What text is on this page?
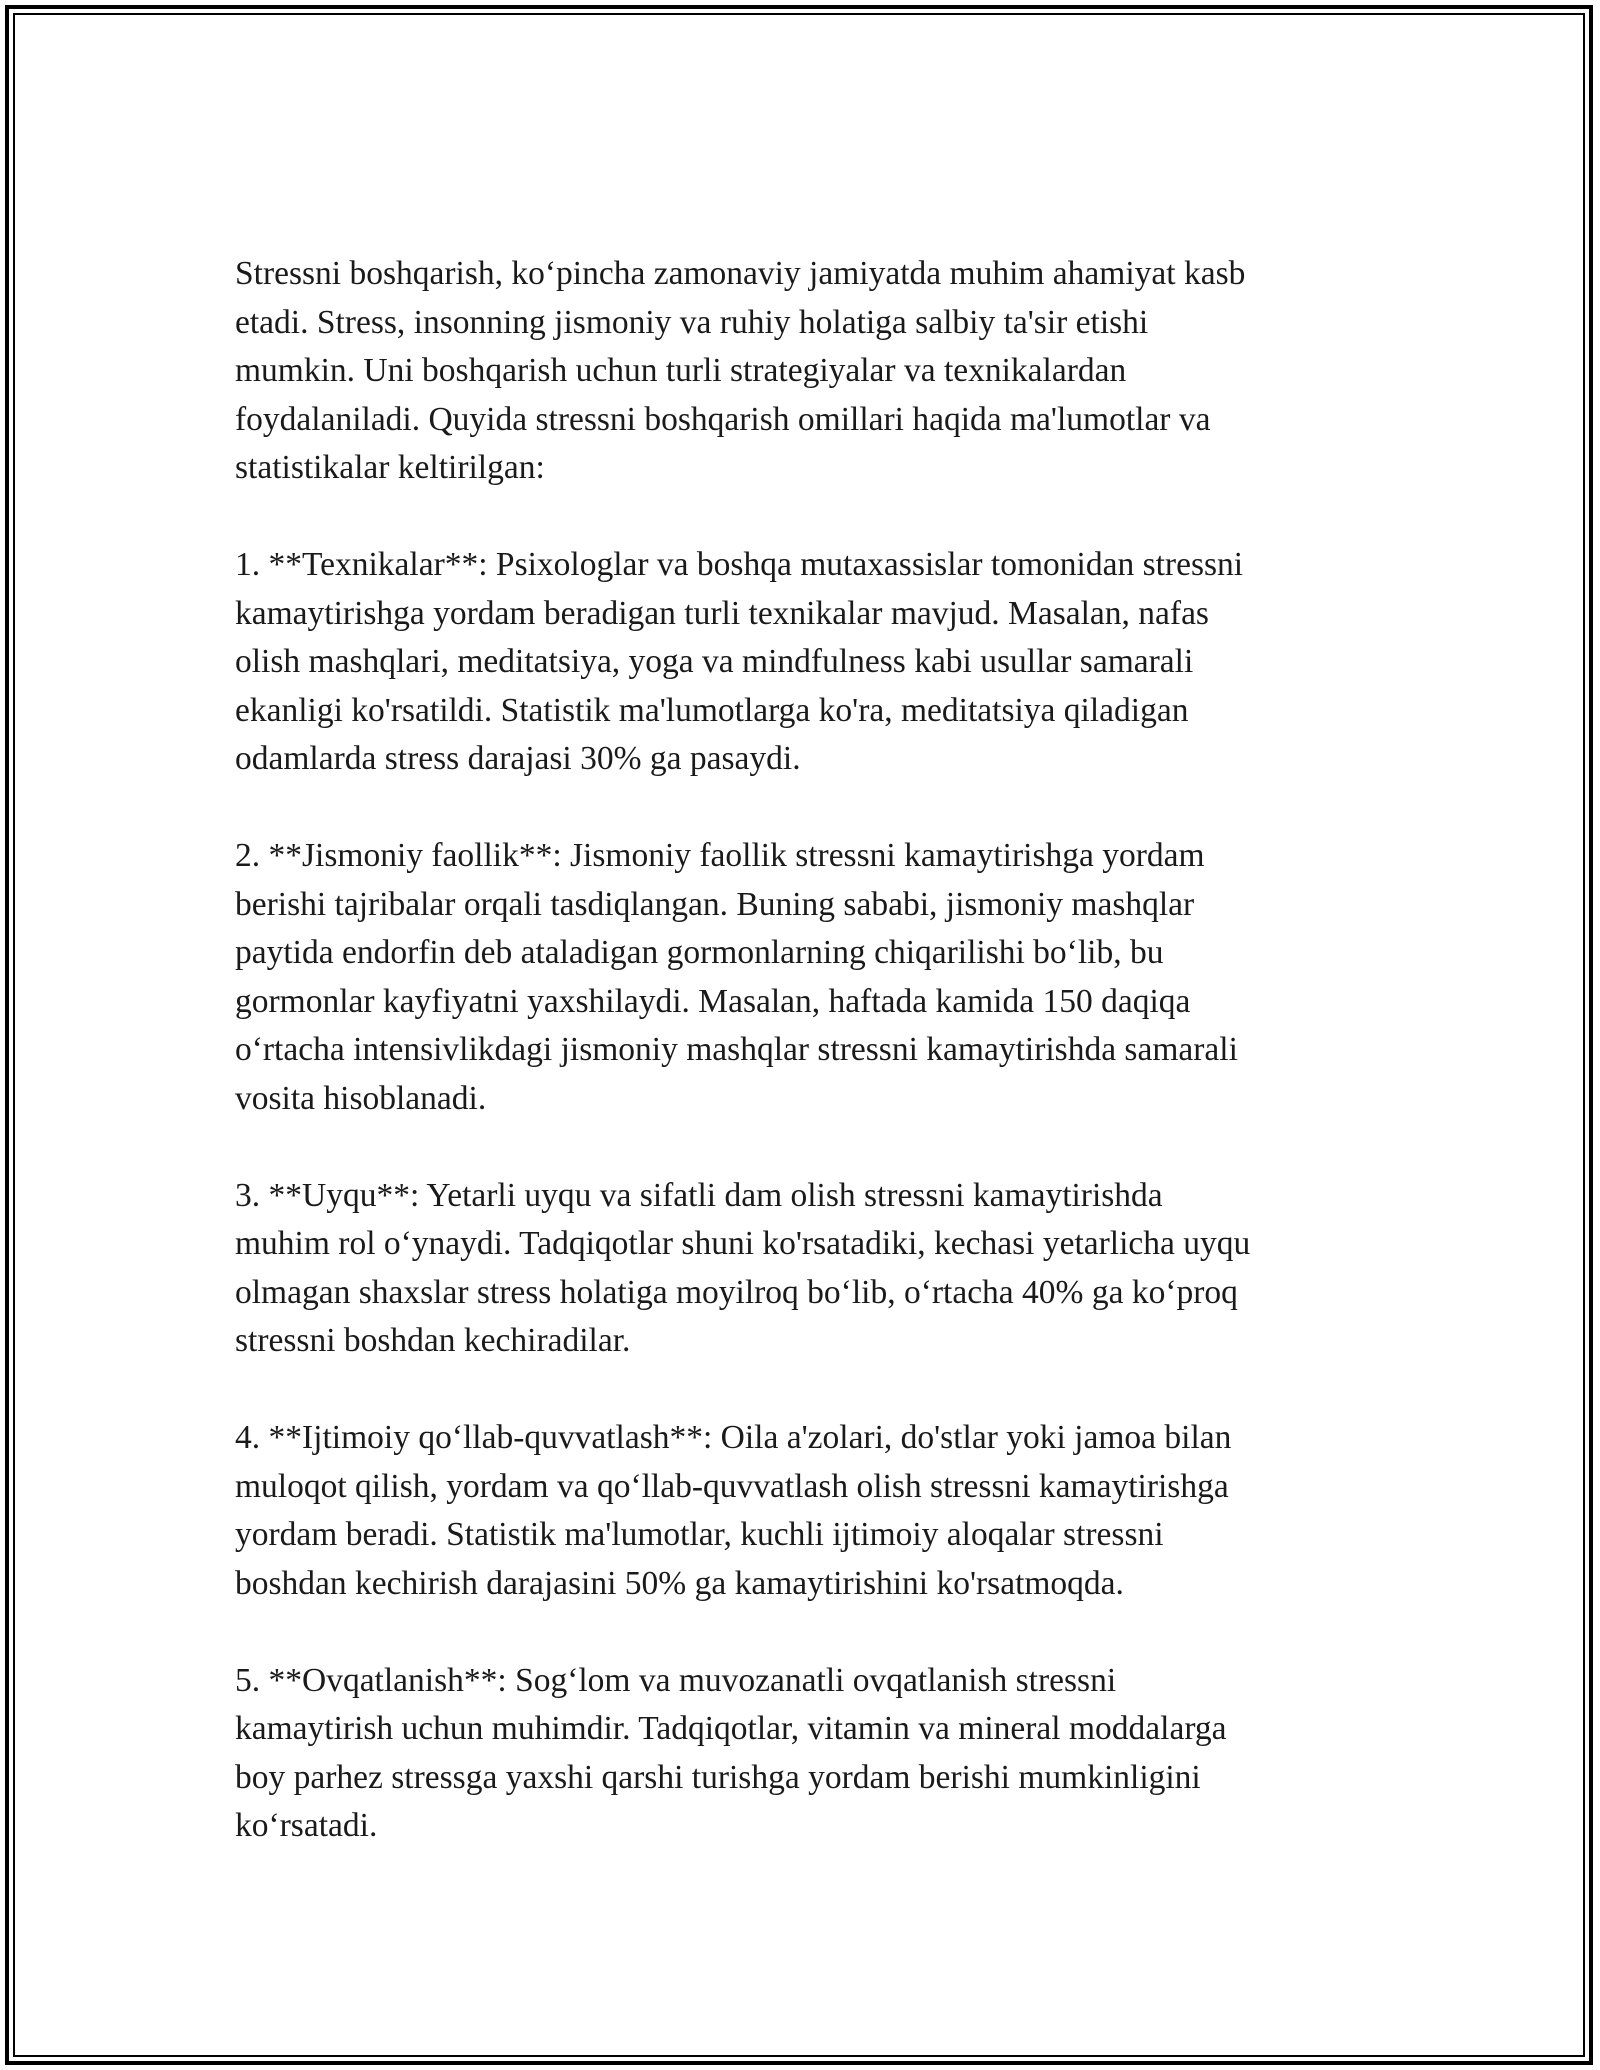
Stressni boshqarish, ko‘pincha zamonaviy jamiyatda muhim ahamiyat kasb
etadi. Stress, insonning jismoniy va ruhiy holatiga salbiy ta'sir etishi
mumkin. Uni boshqarish uchun turli strategiyalar va texnikalardan
foydalaniladi. Quyida stressni boshqarish omillari haqida ma'lumotlar va
statistikalar keltirilgan:

1. **Texnikalar**: Psixologlar va boshqa mutaxassislar tomonidan stressni
kamaytirishga yordam beradigan turli texnikalar mavjud. Masalan, nafas
olish mashqlari, meditatsiya, yoga va mindfulness kabi usullar samarali
ekanligi ko'rsatildi. Statistik ma'lumotlarga ko'ra, meditatsiya qiladigan
odamlarda stress darajasi 30% ga pasaydi.

2. **Jismoniy faollik**: Jismoniy faollik stressni kamaytirishga yordam
berishi tajribalar orqali tasdiqlangan. Buning sababi, jismoniy mashqlar
paytida endorfin deb ataladigan gormonlarning chiqarilishi bo‘lib, bu
gormonlar kayfiyatni yaxshilaydi. Masalan, haftada kamida 150 daqiqa
o‘rtacha intensivlikdagi jismoniy mashqlar stressni kamaytirishda samarali
vosita hisoblanadi.

3. **Uyqu**: Yetarli uyqu va sifatli dam olish stressni kamaytirishda
muhim rol o‘ynaydi. Tadqiqotlar shuni ko'rsatadiki, kechasi yetarlicha uyqu
olmagan shaxslar stress holatiga moyilroq bo‘lib, o‘rtacha 40% ga ko‘proq
stressni boshdan kechiradilar.

4. **Ijtimoiy qo‘llab-quvvatlash**: Oila a'zolari, do'stlar yoki jamoa bilan
muloqot qilish, yordam va qo‘llab-quvvatlash olish stressni kamaytirishga
yordam beradi. Statistik ma'lumotlar, kuchli ijtimoiy aloqalar stressni
boshdan kechirish darajasini 50% ga kamaytirishini ko'rsatmoqda.

5. **Ovqatlanish**: Sog‘lom va muvozanatli ovqatlanish stressni
kamaytirish uchun muhimdir. Tadqiqotlar, vitamin va mineral moddalarga
boy parhez stressga yaxshi qarshi turishga yordam berishi mumkinligini
ko‘rsatadi.
